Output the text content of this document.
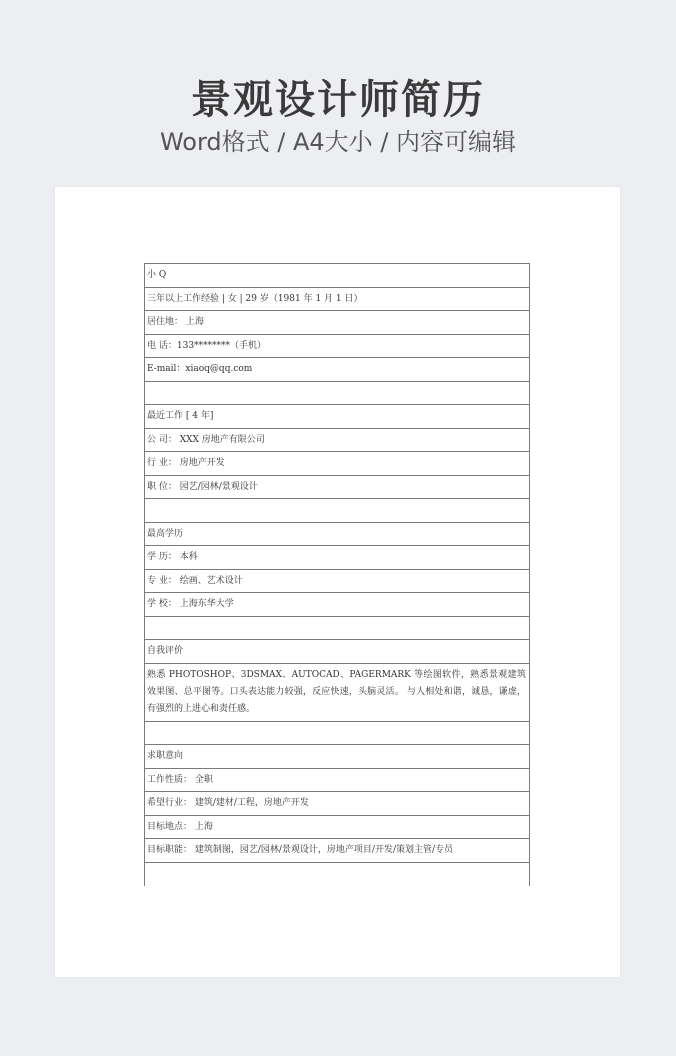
景观设计师简历
Word格式 / A4大小 / 内容可编辑
小 Q
三年以上工作经验 | 女 | 29 岁（1981 年 1 月 1 日）
居住地： 上海
电 话：133********（手机）
E-mail：xiaoq@qq.com
最近工作 [ 4 年]
公 司： XXX 房地产有限公司
行 业： 房地产开发
职 位： 园艺/园林/景观设计
最高学历
学 历： 本科
专 业： 绘画、艺术设计
学 校： 上海东华大学
自我评价
熟悉 PHOTOSHOP、3DSMAX、AUTOCAD、PAGERMARK 等绘图软件，熟悉景观建筑效果图、总平图等。口头表达能力较强，反应快速，头脑灵活。 与人相处和谐，诚恳，谦虚，有强烈的上进心和责任感。
求职意向
工作性质： 全职
希望行业： 建筑/建材/工程，房地产开发
目标地点： 上海
目标职能： 建筑制图，园艺/园林/景观设计，房地产项目/开发/策划主管/专员
